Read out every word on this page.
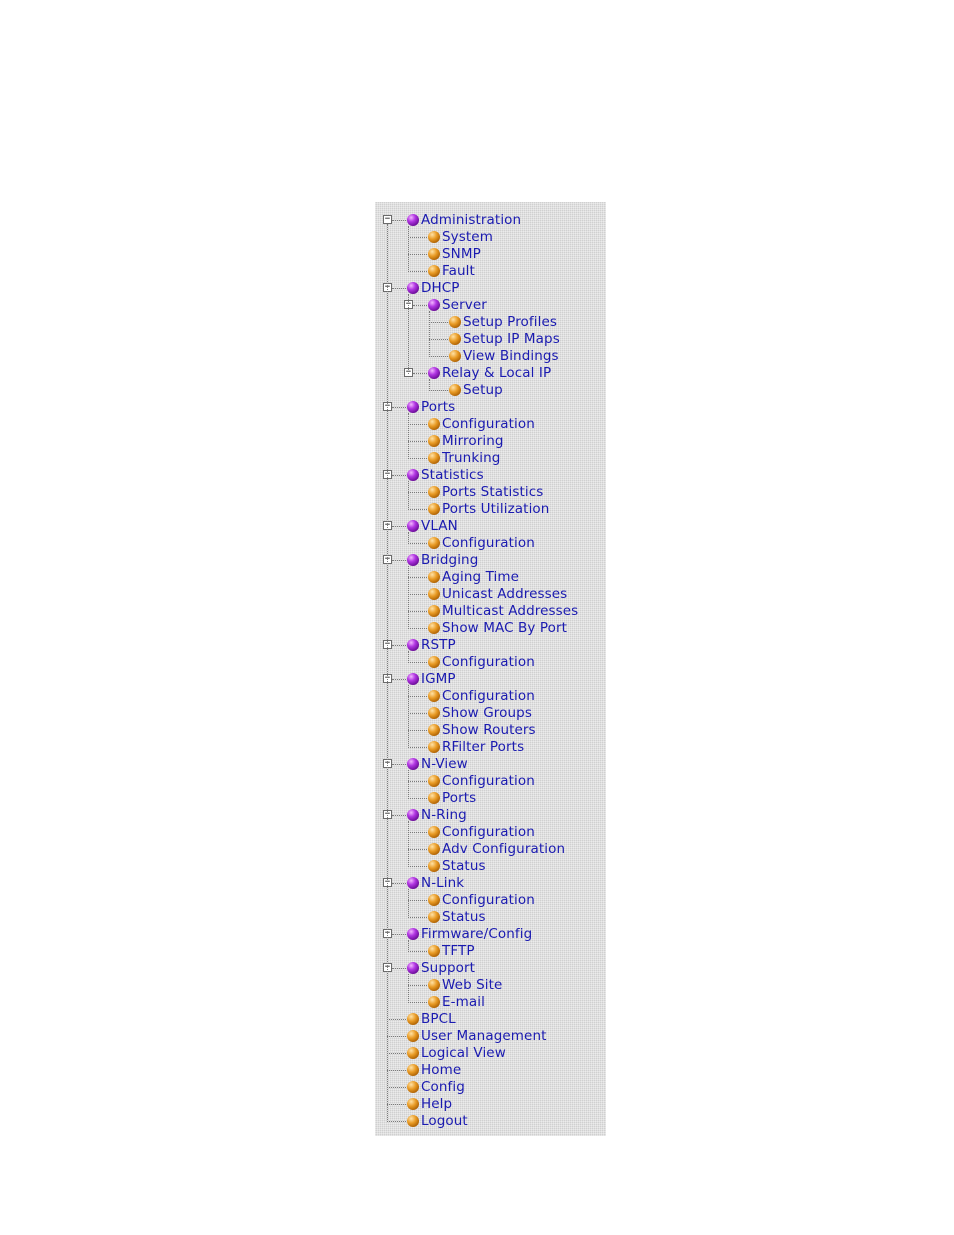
− Administration
System
SNMP
Fault
− DHCP
− Server
Setup Profiles
Setup IP Maps
View Bindings
− Relay & Local IP
Setup
− Ports
Configuration
Mirroring
Trunking
− Statistics
Ports Statistics
Ports Utilization
− VLAN
Configuration
− Bridging
Aging Time
Unicast Addresses
Multicast Addresses
Show MAC By Port
− RSTP
Configuration
− IGMP
Configuration
Show Groups
Show Routers
RFilter Ports
− N-View
Configuration
Ports
− N-Ring
Configuration
Adv Configuration
Status
− N-Link
Configuration
Status
− Firmware/Config
TFTP
− Support
Web Site
E-mail
BPCL
User Management
Logical View
Home
Config
Help
Logout
